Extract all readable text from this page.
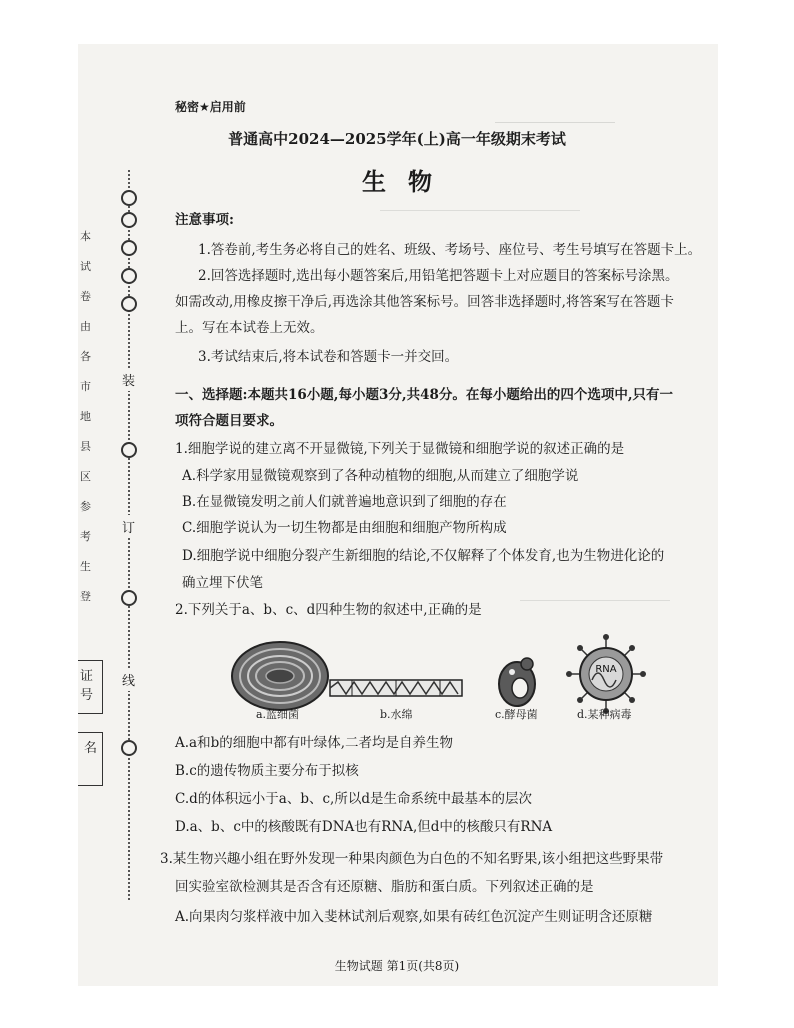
装
订
线
本
试
卷
由
各
市
地
县
区
参
考
生
登
证号
名
秘密★启用前
普通高中2024—2025学年(上)高一年级期末考试
生物
注意事项:
1.答卷前,考生务必将自己的姓名、班级、考场号、座位号、考生号填写在答题卡上。
2.回答选择题时,选出每小题答案后,用铅笔把答题卡上对应题目的答案标号涂黑。
如需改动,用橡皮擦干净后,再选涂其他答案标号。回答非选择题时,将答案写在答题卡
上。写在本试卷上无效。
3.考试结束后,将本试卷和答题卡一并交回。
一、选择题:本题共16小题,每小题3分,共48分。在每小题给出的四个选项中,只有一
项符合题目要求。
1.细胞学说的建立离不开显微镜,下列关于显微镜和细胞学说的叙述正确的是
A.科学家用显微镜观察到了各种动植物的细胞,从而建立了细胞学说
B.在显微镜发明之前人们就普遍地意识到了细胞的存在
C.细胞学说认为一切生物都是由细胞和细胞产物所构成
D.细胞学说中细胞分裂产生新细胞的结论,不仅解释了个体发育,也为生物进化论的
确立埋下伏笔
2.下列关于a、b、c、d四种生物的叙述中,正确的是
RNA
a.蓝细菌	b.水绵	c.酵母菌	d.某种病毒
A.a和b的细胞中都有叶绿体,二者均是自养生物
B.c的遗传物质主要分布于拟核
C.d的体积远小于a、b、c,所以d是生命系统中最基本的层次
D.a、b、c中的核酸既有DNA也有RNA,但d中的核酸只有RNA
3.某生物兴趣小组在野外发现一种果肉颜色为白色的不知名野果,该小组把这些野果带
回实验室欲检测其是否含有还原糖、脂肪和蛋白质。下列叙述正确的是
A.向果肉匀浆样液中加入斐林试剂后观察,如果有砖红色沉淀产生则证明含还原糖
生物试题 第1页(共8页)
